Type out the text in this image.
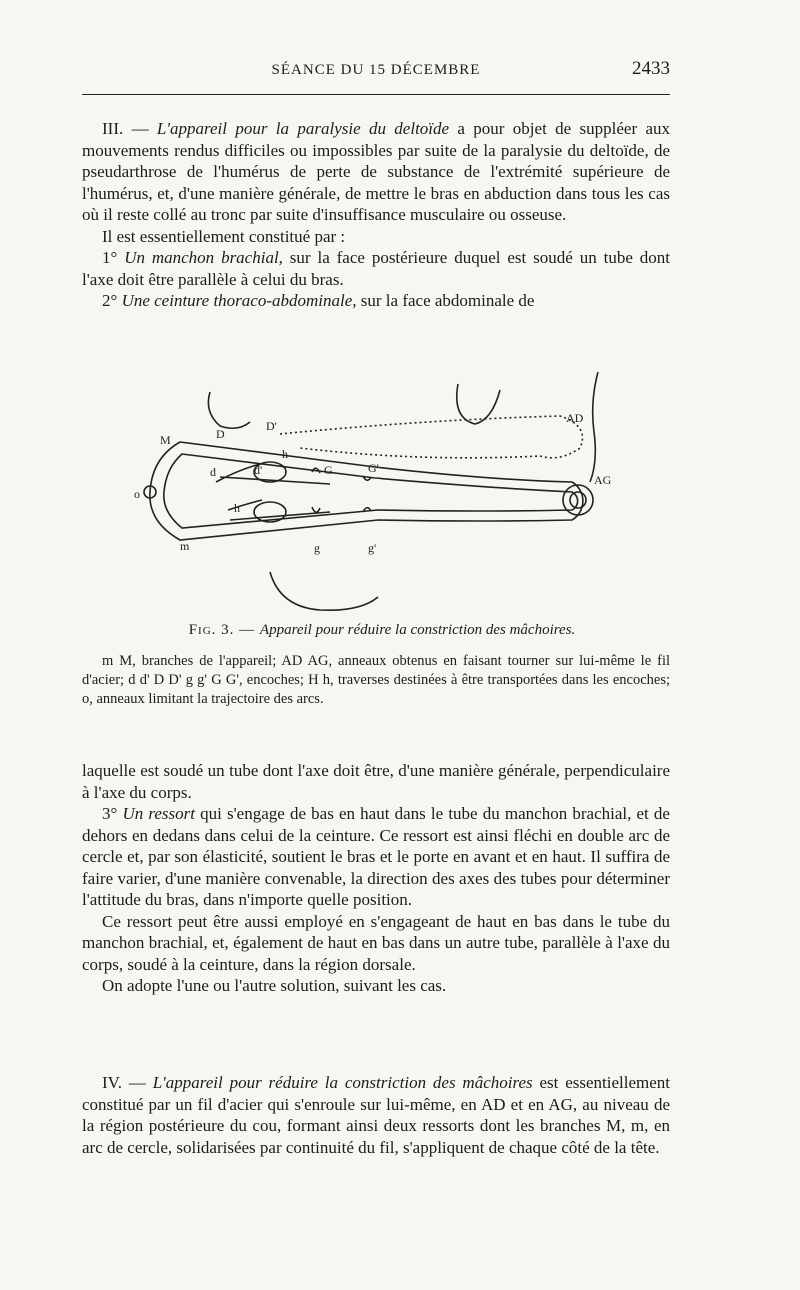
SÉANCE DU 15 DÉCEMBRE	2433

III. — L'appareil pour la paralysie du deltoïde a pour objet de suppléer aux mouvements rendus difficiles ou impossibles par suite de la paralysie du deltoïde, de pseudarthrose de l'humérus de perte de substance de l'extrémité supérieure de l'humérus, et, d'une manière générale, de mettre le bras en abduction dans tous les cas où il reste collé au tronc par suite d'insuffisance musculaire ou osseuse.

Il est essentiellement constitué par :

1° Un manchon brachial, sur la face postérieure duquel est soudé un tube dont l'axe doit être parallèle à celui du bras.

2° Une ceinture thoraco-abdominale, sur la face abdominale de

M	D
D'
h
d	d'	G	G'
o
h
m	g	g'
AD
AG
Fig. 3. — Appareil pour réduire la constriction des mâchoires.
m M, branches de l'appareil; AD AG, anneaux obtenus en faisant tourner sur lui-même le fil d'acier; d d' D D' g g' G G', encoches; H h, traverses destinées à être transportées dans les encoches; o, anneaux limitant la trajectoire des arcs.

laquelle est soudé un tube dont l'axe doit être, d'une manière générale, perpendiculaire à l'axe du corps.

3° Un ressort qui s'engage de bas en haut dans le tube du manchon brachial, et de dehors en dedans dans celui de la ceinture. Ce ressort est ainsi fléchi en double arc de cercle et, par son élasticité, soutient le bras et le porte en avant et en haut. Il suffira de faire varier, d'une manière convenable, la direction des axes des tubes pour déterminer l'attitude du bras, dans n'importe quelle position.

Ce ressort peut être aussi employé en s'engageant de haut en bas dans le tube du manchon brachial, et, également de haut en bas dans un autre tube, parallèle à l'axe du corps, soudé à la ceinture, dans la région dorsale.

On adopte l'une ou l'autre solution, suivant les cas.

IV. — L'appareil pour réduire la constriction des mâchoires est essentiellement constitué par un fil d'acier qui s'enroule sur lui-même, en AD et en AG, au niveau de la région postérieure du cou, formant ainsi deux ressorts dont les branches M, m, en arc de cercle, solidarisées par continuité du fil, s'appliquent de chaque côté de la tête.
